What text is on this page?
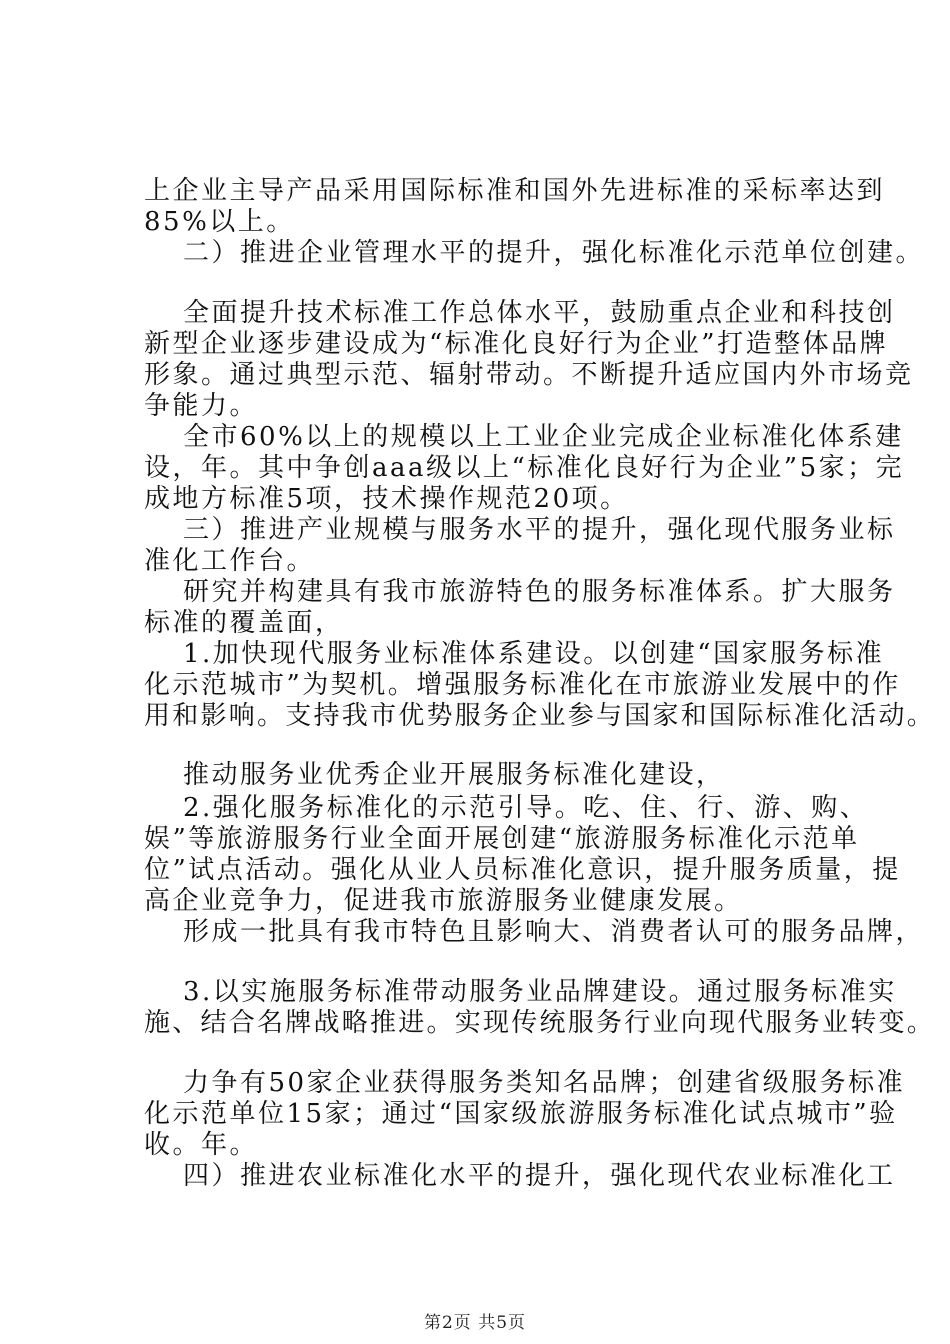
上企业主导产品采用国际标准和国外先进标准的采标率达到
85%以上。
二）推进企业管理水平的提升，强化标准化示范单位创建。
全面提升技术标准工作总体水平，鼓励重点企业和科技创
新型企业逐步建设成为“标准化良好行为企业”打造整体品牌
形象。通过典型示范、辐射带动。不断提升适应国内外市场竞
争能力。
全市60%以上的规模以上工业企业完成企业标准化体系建
设，年。其中争创aaa级以上“标准化良好行为企业”5家；完
成地方标准5项，技术操作规范20项。
三）推进产业规模与服务水平的提升，强化现代服务业标
准化工作台。
研究并构建具有我市旅游特色的服务标准体系。扩大服务
标准的覆盖面，
1.加快现代服务业标准体系建设。以创建“国家服务标准
化示范城市”为契机。增强服务标准化在市旅游业发展中的作
用和影响。支持我市优势服务企业参与国家和国际标准化活动。
推动服务业优秀企业开展服务标准化建设，
2.强化服务标准化的示范引导。吃、住、行、游、购、
娱”等旅游服务行业全面开展创建“旅游服务标准化示范单
位”试点活动。强化从业人员标准化意识，提升服务质量，提
高企业竞争力，促进我市旅游服务业健康发展。
形成一批具有我市特色且影响大、消费者认可的服务品牌，
3.以实施服务标准带动服务业品牌建设。通过服务标准实
施、结合名牌战略推进。实现传统服务行业向现代服务业转变。
力争有50家企业获得服务类知名品牌；创建省级服务标准
化示范单位15家；通过“国家级旅游服务标准化试点城市”验
收。年。
四）推进农业标准化水平的提升，强化现代农业标准化工
第2页 共5页
